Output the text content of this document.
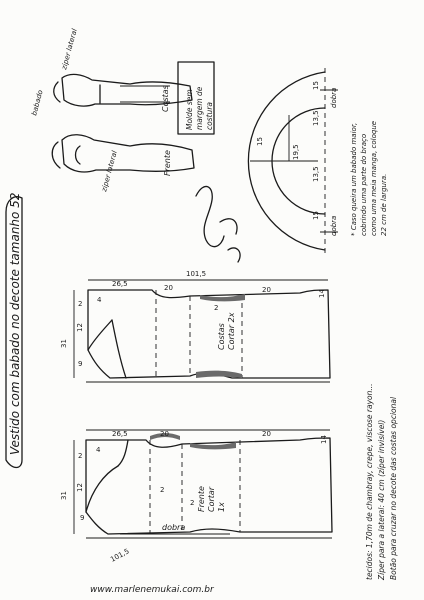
ziper lateral
babado
ziper lateral
Costas
Frente
Molde sem margem de costura
dobra
dobra
15
13,5
19,5
13,5
15
15	* Caso queira um babado maior, cobrindo uma parte do braço como uma meia manga, coloque 22 cm de largura.
Vestido com babado no decote tamanho 52	101,5
26,5	20	20
4
2
12
31
9
2
14
Costas Cortar 2x
26,5	20	20
4
2
12
31
9
2
2
14
Frente Cortar 1x
dobra
101,5	tecidos: 1,70m de chambray, crepe, viscose rayon... Zíper para a lateral: 40 cm (zíper invisível) Botão para cruzar no decote das costas opcional
www.marlenemukai.com.br
